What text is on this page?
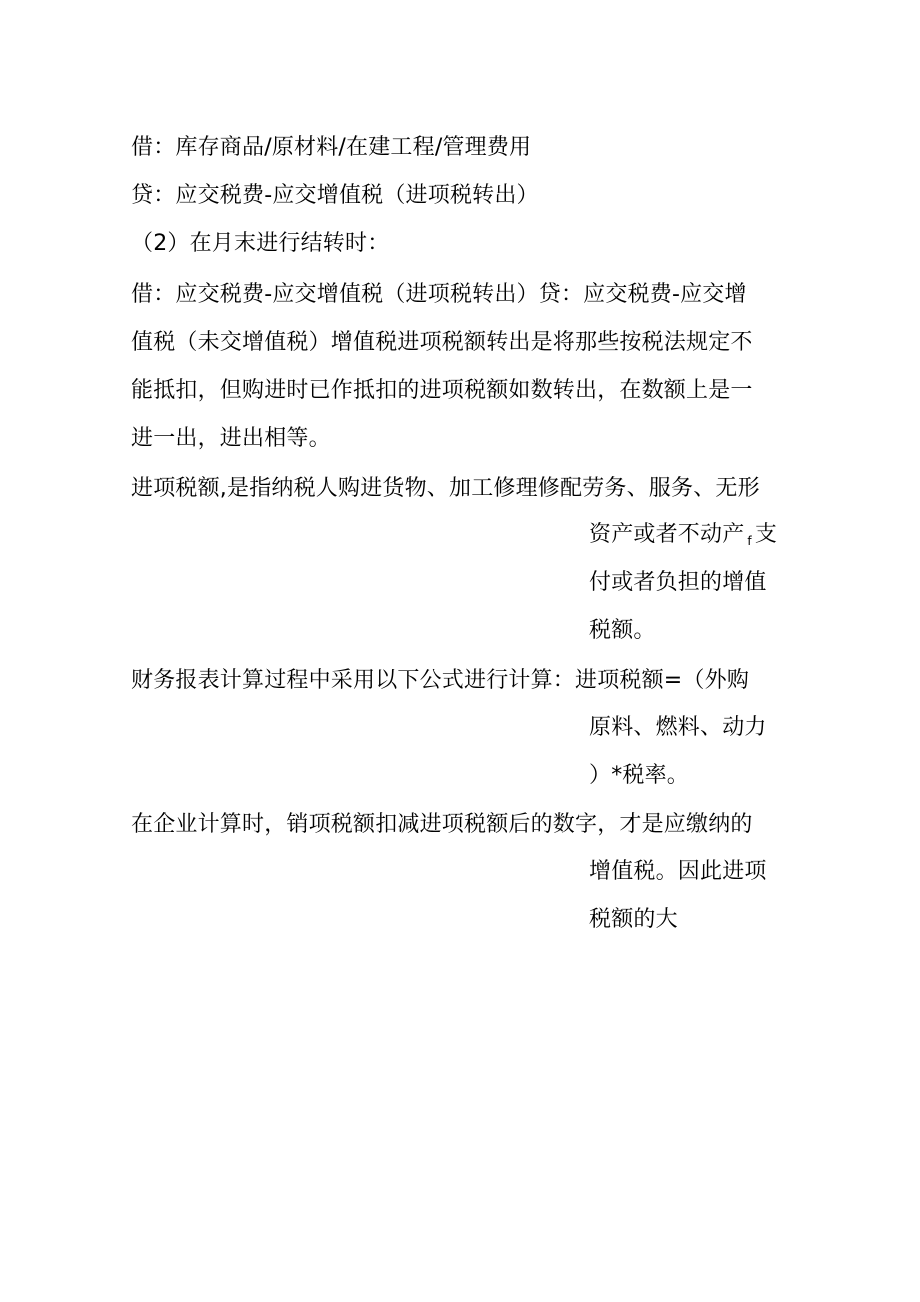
借：库存商品/原材料/在建工程/管理费用
贷：应交税费-应交增值税（进项税转出）
（2）在月末进行结转时：
借：应交税费-应交增值税（进项税转出）贷：应交税费-应交增
值税（未交增值税）增值税进项税额转出是将那些按税法规定不
能抵扣，但购进时已作抵扣的进项税额如数转出，在数额上是一
进一出，进出相等。
进项税额,是指纳税人购进货物、加工修理修配劳务、服务、无形
资产或者不动产 $_f$ 支
付或者负担的增值
税额。
财务报表计算过程中采用以下公式进行计算：进项税额=（外购
原料、燃料、动力
）*税率。
在企业计算时，销项税额扣减进项税额后的数字，才是应缴纳的
增值税。因此进项
税额的大
